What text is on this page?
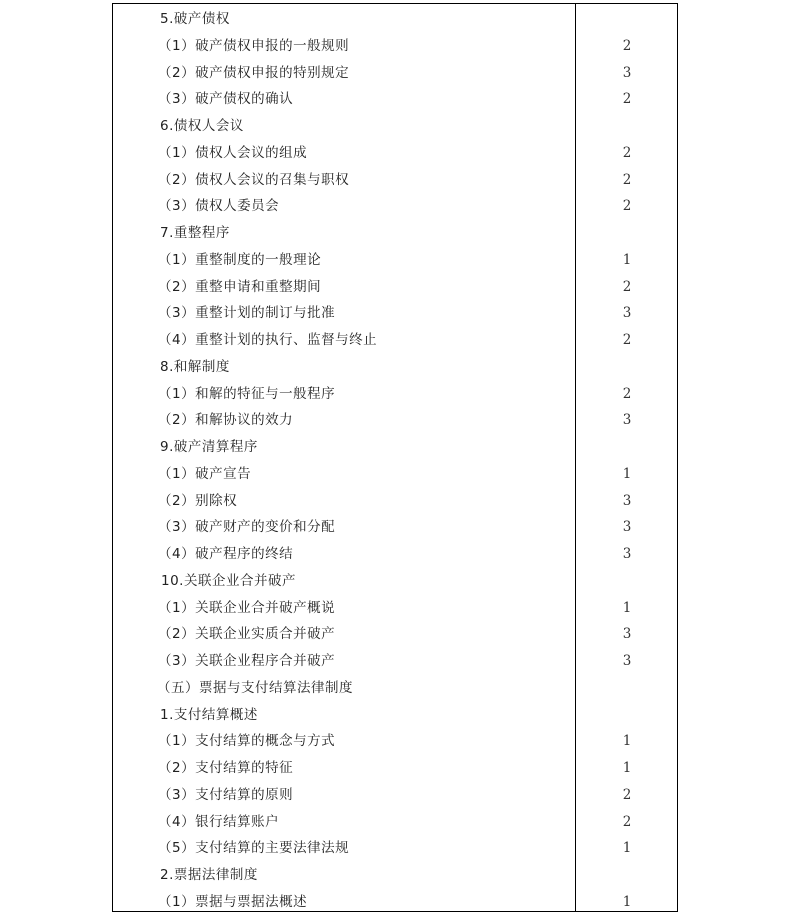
5.破产债权
（1）破产债权申报的一般规则	2
（2）破产债权申报的特别规定	3
（3）破产债权的确认	2
6.债权人会议
（1）债权人会议的组成	2
（2）债权人会议的召集与职权	2
（3）债权人委员会	2
7.重整程序
（1）重整制度的一般理论	1
（2）重整申请和重整期间	2
（3）重整计划的制订与批准	3
（4）重整计划的执行、监督与终止	2
8.和解制度
（1）和解的特征与一般程序	2
（2）和解协议的效力	3
9.破产清算程序
（1）破产宣告	1
（2）别除权	3
（3）破产财产的变价和分配	3
（4）破产程序的终结	3
10.关联企业合并破产
（1）关联企业合并破产概说	1
（2）关联企业实质合并破产	3
（3）关联企业程序合并破产	3
（五）票据与支付结算法律制度
1.支付结算概述
（1）支付结算的概念与方式	1
（2）支付结算的特征	1
（3）支付结算的原则	2
（4）银行结算账户	2
（5）支付结算的主要法律法规	1
2.票据法律制度
（1）票据与票据法概述	1
